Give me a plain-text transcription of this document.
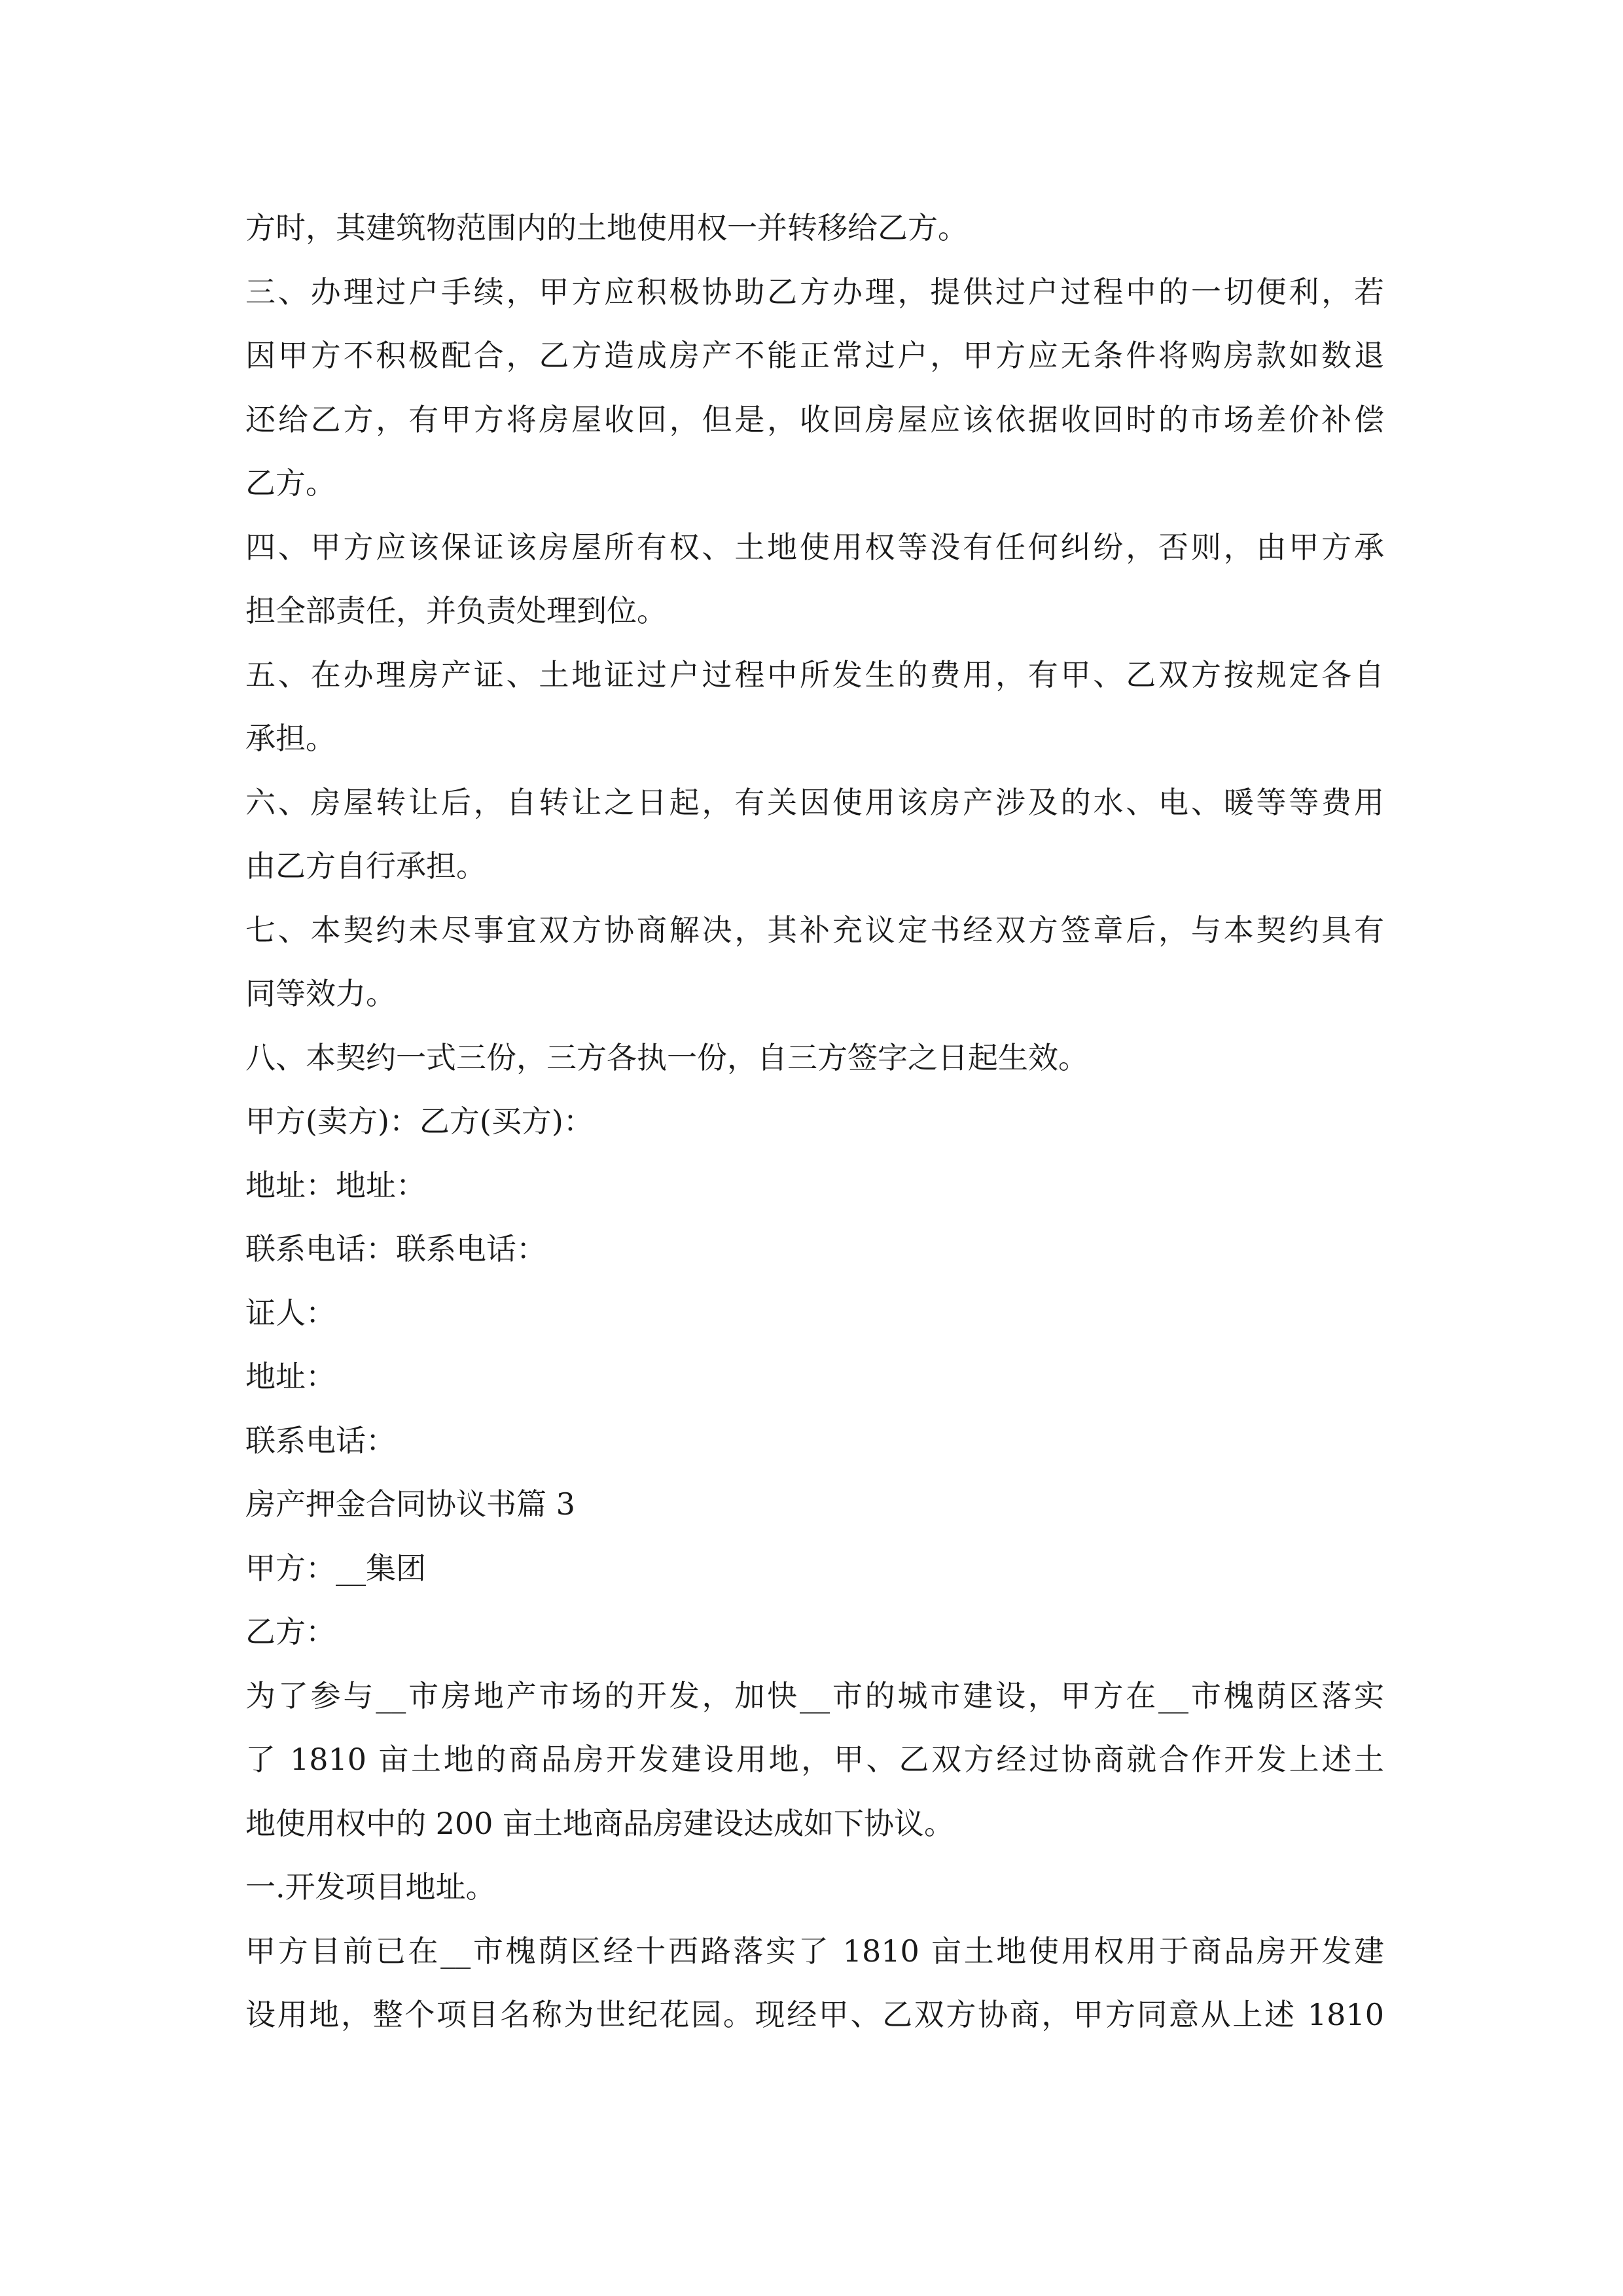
方时，其建筑物范围内的土地使用权一并转移给乙方。
三、办理过户手续，甲方应积极协助乙方办理，提供过户过程中的一切便利，若
因甲方不积极配合，乙方造成房产不能正常过户，甲方应无条件将购房款如数退
还给乙方，有甲方将房屋收回，但是，收回房屋应该依据收回时的市场差价补偿
乙方。
四、甲方应该保证该房屋所有权、土地使用权等没有任何纠纷，否则，由甲方承
担全部责任，并负责处理到位。
五、在办理房产证、土地证过户过程中所发生的费用，有甲、乙双方按规定各自
承担。
六、房屋转让后，自转让之日起，有关因使用该房产涉及的水、电、暖等等费用
由乙方自行承担。
七、本契约未尽事宜双方协商解决，其补充议定书经双方签章后，与本契约具有
同等效力。
八、本契约一式三份，三方各执一份，自三方签字之日起生效。
甲方(卖方)：乙方(买方)：
地址：地址：
联系电话：联系电话：
证人：
地址：
联系电话：
房产押金合同协议书篇 3
甲方：__集团
乙方：
为了参与__市房地产市场的开发，加快__市的城市建设，甲方在__市槐荫区落实
了 1810 亩土地的商品房开发建设用地，甲、乙双方经过协商就合作开发上述土
地使用权中的 200 亩土地商品房建设达成如下协议。
一.开发项目地址。
甲方目前已在__市槐荫区经十西路落实了 1810 亩土地使用权用于商品房开发建
设用地，整个项目名称为世纪花园。现经甲、乙双方协商，甲方同意从上述 1810
